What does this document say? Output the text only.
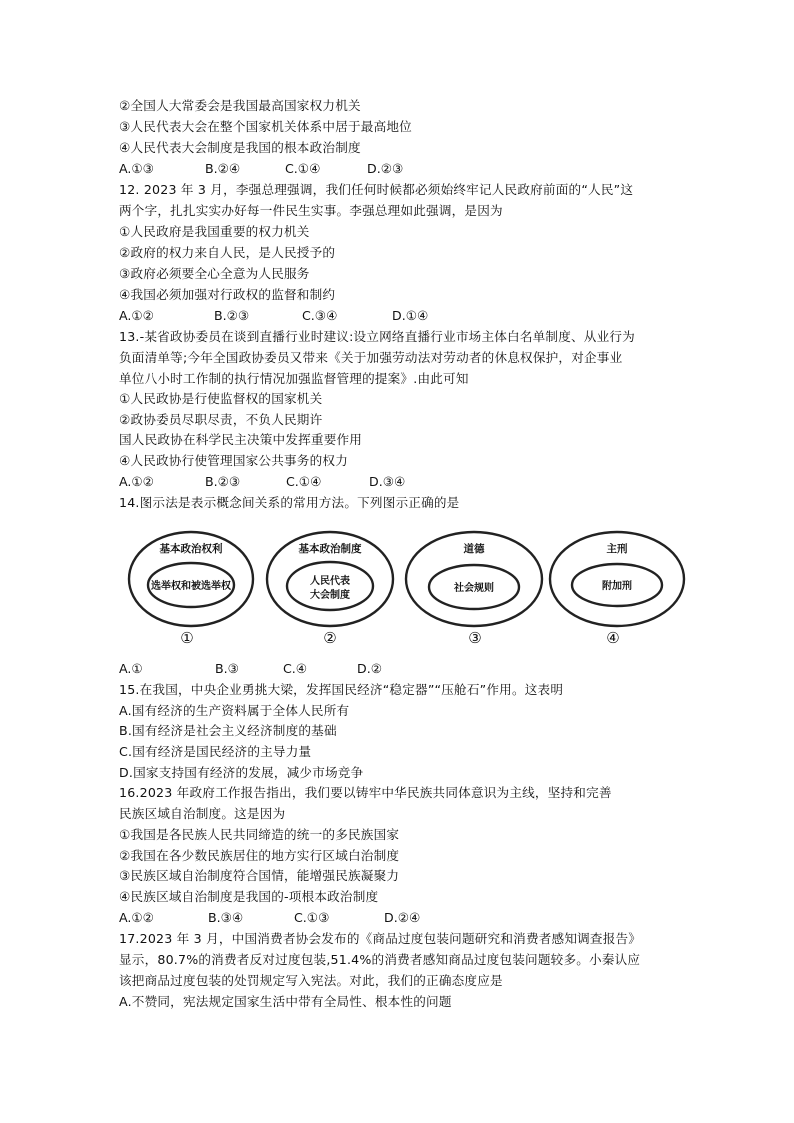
②全国人大常委会是我国最高国家权力机关
③人民代表大会在整个国家机关体系中居于最高地位
④人民代表大会制度是我国的根本政治制度
A.①③	B.②④	C.①④	D.②③
12. 2023 年 3 月，李强总理强调，我们任何时候都必须始终牢记人民政府前面的“人民”这
两个字，扎扎实实办好每一件民生实事。李强总理如此强调，是因为
①人民政府是我国重要的权力机关
②政府的权力来自人民，是人民授予的
③政府必须要全心全意为人民服务
④我国必须加强对行政权的监督和制约
A.①②	B.②③	C.③④	D.①④
13.-某省政协委员在谈到直播行业时建议:设立网络直播行业市场主体白名单制度、从业行为
负面清单等;今年全国政协委员又带来《关于加强劳动法对劳动者的休息权保护，对企事业
单位八小时工作制的执行情况加强监督管理的提案》.由此可知
①人民政协是行使监督权的国家机关
②政协委员尽职尽责，不负人民期许
国人民政协在科学民主决策中发挥重要作用
④人民政协行使管理国家公共事务的权力
A.①②	B.②③	C.①④	D.③④
14.图示法是表示概念间关系的常用方法。下列图示正确的是
基本政治权利
选举权和被选举权
①
基本政治制度
人民代表
大会制度
②
道德
社会规则
③
主刑
附加刑
④
A.①	B.③	C.④	D.②
15.在我国，中央企业勇挑大梁，发挥国民经济“稳定器”“压舱石”作用。这表明
A.国有经济的生产资料属于全体人民所有
B.国有经济是社会主义经济制度的基础
C.国有经济是国民经济的主导力量
D.国家支持国有经济的发展，减少市场竞争
16.2023 年政府工作报告指出，我们要以铸牢中华民族共同体意识为主线，坚持和完善
民族区域自治制度。这是因为
①我国是各民族人民共同缔造的统一的多民族国家
②我国在各少数民族居住的地方实行区域白治制度
③民族区域自治制度符合国情，能增强民族凝聚力
④民族区域自治制度是我国的-项根本政治制度
A.①②	B.③④	C.①③	D.②④
17.2023 年 3 月，中国消费者协会发布的《商品过度包装问题研究和消费者感知调查报告》
显示，80.7%的消费者反对过度包装,51.4%的消费者感知商品过度包装问题较多。小秦认应
该把商品过度包装的处罚规定写入宪法。对此，我们的正确态度应是
A.不赞同，宪法规定国家生活中带有全局性、根本性的问题
